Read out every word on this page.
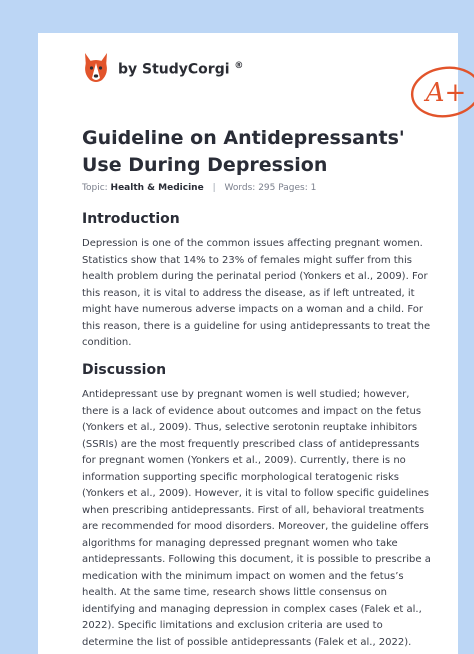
by StudyCorgi ®
A+
Guideline on Antidepressants' Use During Depression
Topic: Health & Medicine | Words: 295 Pages: 1
Introduction

Depression is one of the common issues affecting pregnant women. Statistics show that 14% to 23% of females might suffer from this health problem during the perinatal period (Yonkers et al., 2009). For this reason, it is vital to address the disease, as if left untreated, it might have numerous adverse impacts on a woman and a child. For this reason, there is a guideline for using antidepressants to treat the condition.

Discussion

Antidepressant use by pregnant women is well studied; however, there is a lack of evidence about outcomes and impact on the fetus (Yonkers et al., 2009). Thus, selective serotonin reuptake inhibitors (SSRIs) are the most frequently prescribed class of antidepressants for pregnant women (Yonkers et al., 2009). Currently, there is no information supporting specific morphological teratogenic risks (Yonkers et al., 2009). However, it is vital to follow specific guidelines when prescribing antidepressants. First of all, behavioral treatments are recommended for mood disorders. Moreover, the guideline offers algorithms for managing depressed pregnant women who take antidepressants. Following this document, it is possible to prescribe a medication with the minimum impact on women and the fetus’s health. At the same time, research shows little consensus on identifying and managing depression in complex cases (Falek et al., 2022). Specific limitations and exclusion criteria are used to determine the list of possible antidepressants (Falek et al., 2022).
